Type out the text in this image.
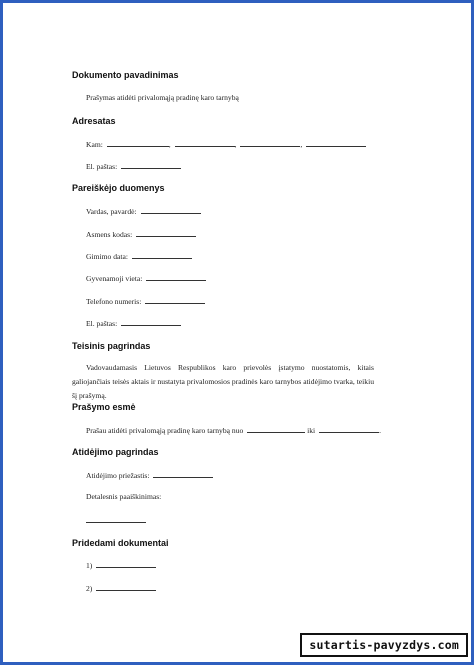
Dokumento pavadinimas
Prašymas atidėti privalomąją pradinę karo tarnybą
Adresatas
Kam:	,	,	,
El. paštas:
Pareiškėjo duomenys
Vardas, pavardė:
Asmens kodas:
Gimimo data:
Gyvenamoji vieta:
Telefono numeris:
El. paštas:
Teisinis pagrindas
Vadovaudamasis Lietuvos Respublikos karo prievolės įstatymo nuostatomis, kitais galiojančiais teisės aktais ir nustatyta privalomosios pradinės karo tarnybos atidėjimo tvarka, teikiu šį prašymą.
Prašymo esmė
Prašau atidėti privalomąją pradinę karo tarnybą nuo	iki	.
Atidėjimo pagrindas
Atidėjimo priežastis:
Detalesnis paaiškinimas:
Pridedami dokumentai
1)
2)
sutartis-pavyzdys.com
